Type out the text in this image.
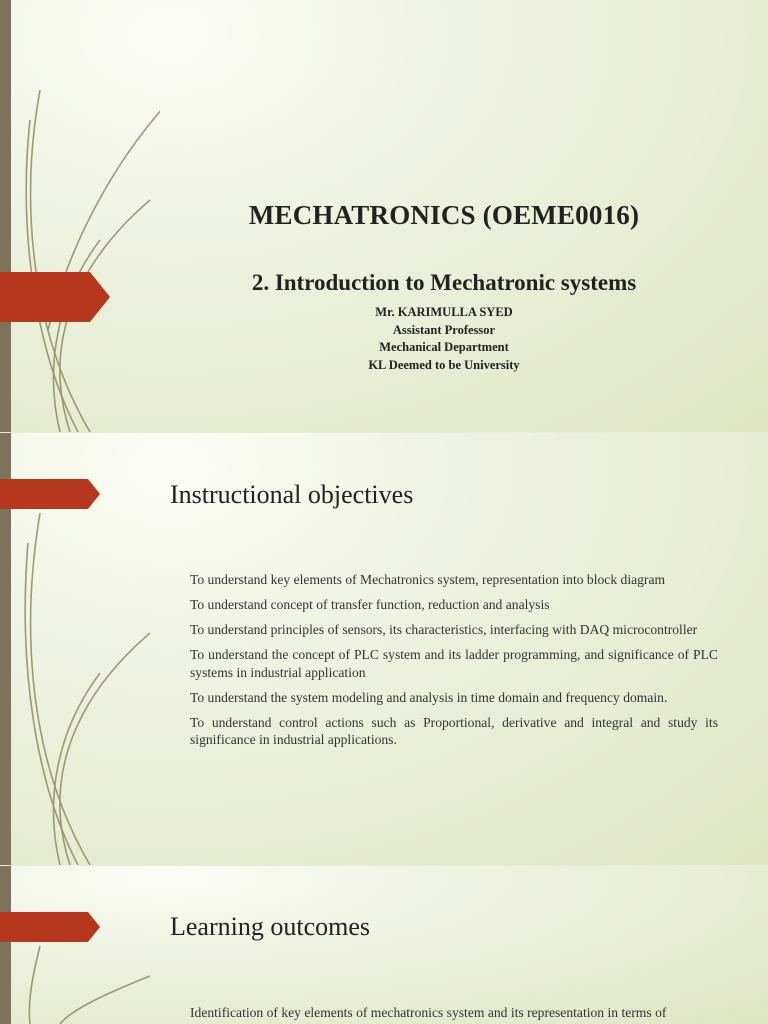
MECHATRONICS (OEME0016)
2. Introduction to Mechatronic systems
Mr. KARIMULLA SYED
Assistant Professor
Mechanical Department
KL Deemed to be University
Instructional objectives
To understand key elements of Mechatronics system, representation into block diagram
To understand concept of transfer function, reduction and analysis
To understand principles of sensors, its characteristics, interfacing with DAQ microcontroller
To understand the concept of PLC system and its ladder programming, and significance of PLC systems in industrial application
To understand the system modeling and analysis in time domain and frequency domain.
To understand control actions such as Proportional, derivative and integral and study its significance in industrial applications.
Learning outcomes
Identification of key elements of mechatronics system and its representation in terms of
